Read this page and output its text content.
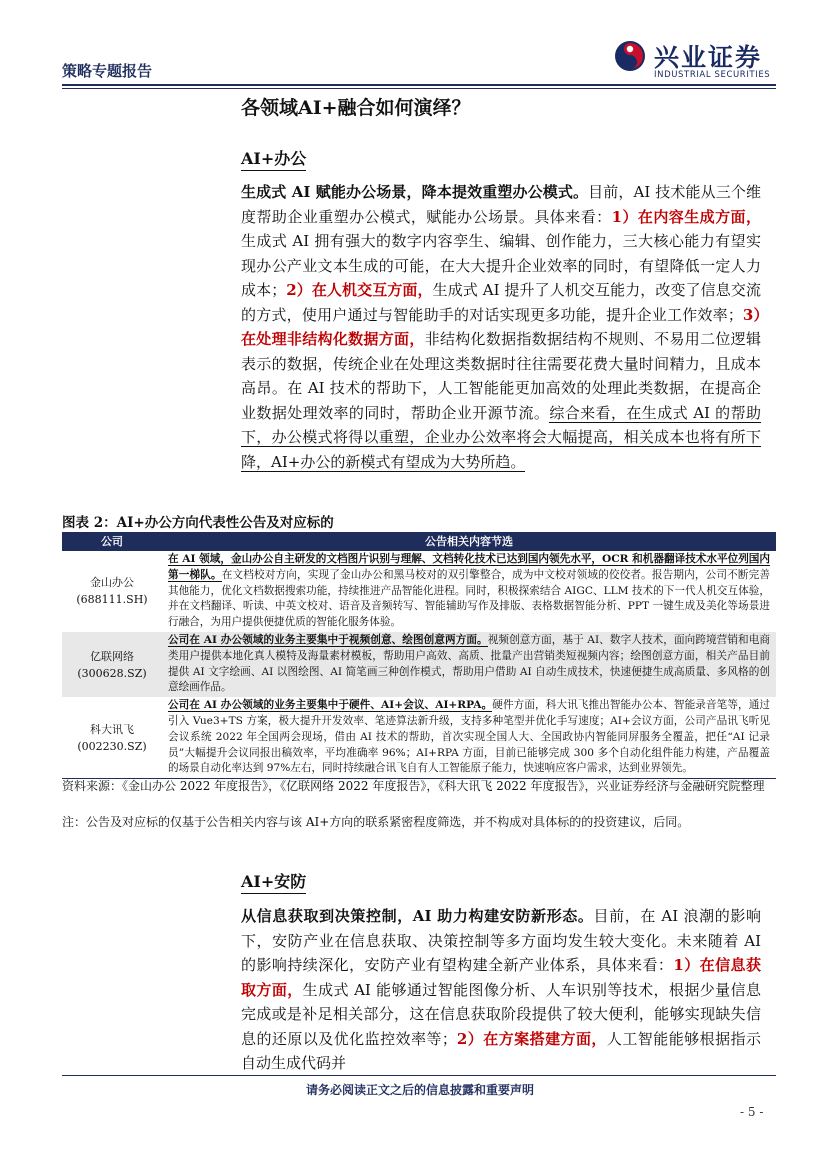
策略专题报告	兴业证券
INDUSTRIAL SECURITIES
各领域AI+融合如何演绎？
AI+办公

生成式 AI 赋能办公场景，降本提效重塑办公模式。目前，AI 技术能从三个维度帮助企业重塑办公模式，赋能办公场景。具体来看：1）在内容生成方面，生成式 AI 拥有强大的数字内容孪生、编辑、创作能力，三大核心能力有望实现办公产业文本生成的可能，在大大提升企业效率的同时，有望降低一定人力成本；2）在人机交互方面，生成式 AI 提升了人机交互能力，改变了信息交流的方式，使用户通过与智能助手的对话实现更多功能，提升企业工作效率；3）在处理非结构化数据方面，非结构化数据指数据结构不规则、不易用二位逻辑表示的数据，传统企业在处理这类数据时往往需要花费大量时间精力，且成本高昂。在 AI 技术的帮助下，人工智能能更加高效的处理此类数据，在提高企业数据处理效率的同时，帮助企业开源节流。综合来看，在生成式 AI 的帮助下，办公模式将得以重塑，企业办公效率将会大幅提高，相关成本也将有所下降，AI+办公的新模式有望成为大势所趋。

图表 2：AI+办公方向代表性公告及对应标的
公司	公告相关内容节选

金山办公
(688111.SH)	在 AI 领域，金山办公自主研发的文档图片识别与理解、文档转化技术已达到国内领先水平，OCR 和机器翻译技术水平位列国内第一梯队。在文档校对方向，实现了金山办公和黑马校对的双引擎整合，成为中文校对领域的佼佼者。报告期内，公司不断完善其他能力，优化文档数据搜索功能，持续推进产品智能化进程。同时，积极探索结合 AIGC、LLM 技术的下一代人机交互体验，并在文档翻译、听读、中英文校对、语音及音频转写、智能辅助写作及排版、表格数据智能分析、PPT 一键生成及美化等场景进行融合，为用户提供便捷优质的智能化服务体验。

亿联网络
(300628.SZ)	公司在 AI 办公领域的业务主要集中于视频创意、绘图创意两方面。视频创意方面，基于 AI、数字人技术，面向跨境营销和电商类用户提供本地化真人模特及海量素材模板，帮助用户高效、高质、批量产出营销类短视频内容；绘图创意方面，相关产品目前提供 AI 文字绘画、AI 以图绘图、AI 简笔画三种创作模式，帮助用户借助 AI 自动生成技术，快速便捷生成高质量、多风格的创意绘画作品。

科大讯飞
(002230.SZ)	公司在 AI 办公领域的业务主要集中于硬件、AI+会议、AI+RPA。硬件方面，科大讯飞推出智能办公本、智能录音笔等，通过引入 Vue3+TS 方案，极大提升开发效率、笔迹算法新升级，支持多种笔型并优化手写速度；AI+会议方面，公司产品讯飞听见会议系统 2022 年全国两会现场，借由 AI 技术的帮助，首次实现全国人大、全国政协内智能同屏服务全覆盖，把任“AI 记录员”大幅提升会议同报出稿效率，平均准确率 96%；AI+RPA 方面，目前已能够完成 300 多个自动化组件能力构建，产品覆盖的场景自动化率达到 97%左右，同时持续融合讯飞自有人工智能原子能力，快速响应客户需求，达到业界领先。
资料来源：《金山办公 2022 年度报告》，《亿联网络 2022 年度报告》，《科大讯飞 2022 年度报告》，兴业证券经济与金融研究院整理
注：公告及对应标的仅基于公告相关内容与该 AI+方向的联系紧密程度筛选，并不构成对具体标的的投资建议，后同。
AI+安防

从信息获取到决策控制，AI 助力构建安防新形态。目前，在 AI 浪潮的影响下，安防产业在信息获取、决策控制等多方面均发生较大变化。未来随着 AI 的影响持续深化，安防产业有望构建全新产业体系，具体来看：1）在信息获取方面，生成式 AI 能够通过智能图像分析、人车识别等技术，根据少量信息完成或是补足相关部分，这在信息获取阶段提供了较大便利，能够实现缺失信息的还原以及优化监控效率等；2）在方案搭建方面，人工智能能够根据指示自动生成代码并

请务必阅读正文之后的信息披露和重要声明
- 5 -
